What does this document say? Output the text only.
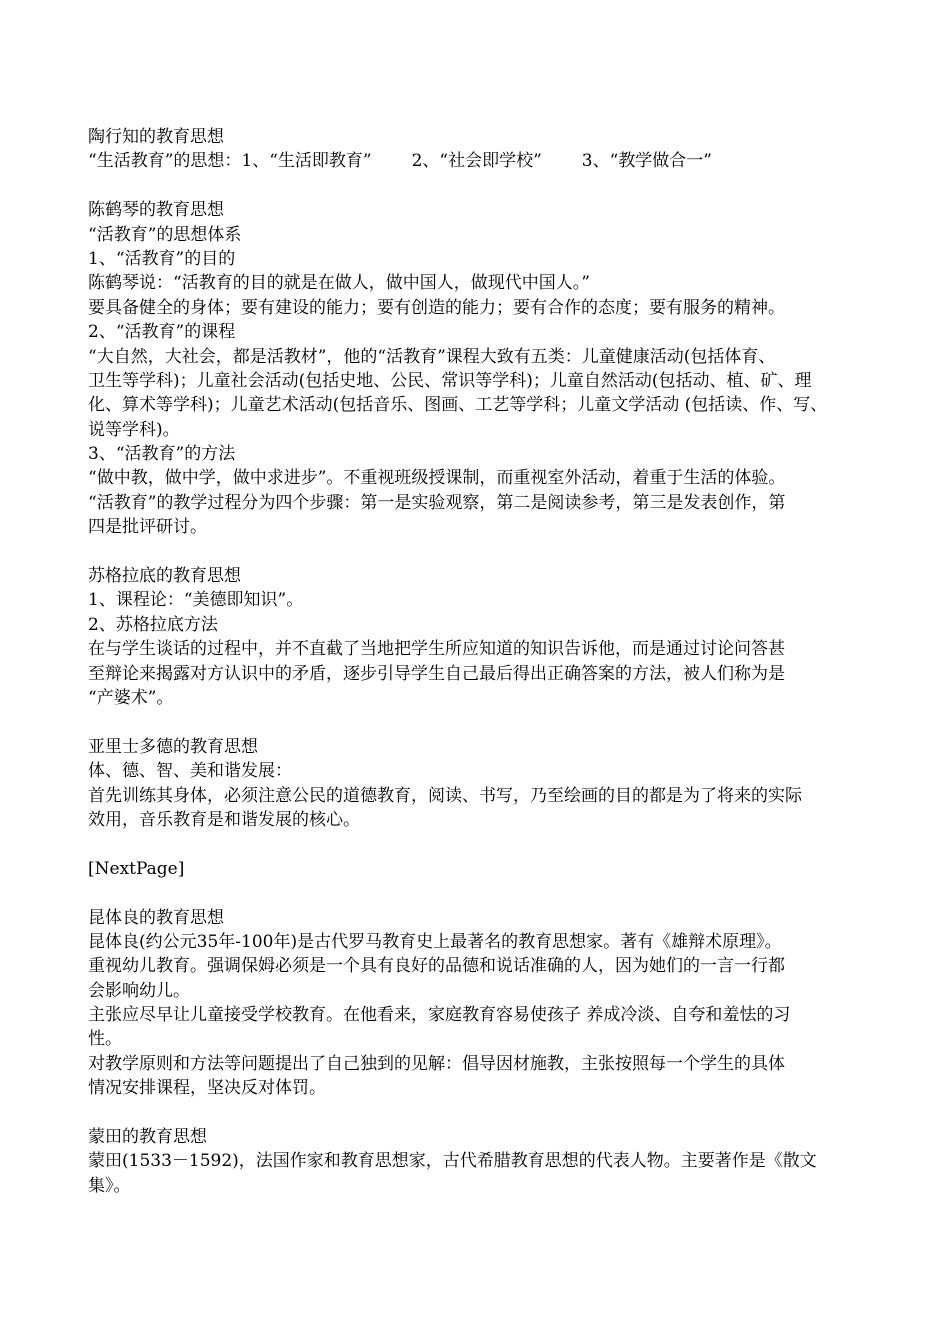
陶行知的教育思想
“生活教育”的思想：1、“生活即教育” 2、“社会即学校” 3、“教学做合一”
陈鹤琴的教育思想
“活教育”的思想体系
1、“活教育”的目的
陈鹤琴说：“活教育的目的就是在做人，做中国人，做现代中国人。”
要具备健全的身体；要有建设的能力；要有创造的能力；要有合作的态度；要有服务的精神。
2、“活教育”的课程
“大自然，大社会，都是活教材”，他的“活教育”课程大致有五类：儿童健康活动(包括体育、
卫生等学科)；儿童社会活动(包括史地、公民、常识等学科)；儿童自然活动(包括动、植、矿、理
化、算术等学科)；儿童艺术活动(包括音乐、图画、工艺等学科；儿童文学活动 (包括读、作、写、
说等学科)。
3、“活教育”的方法
“做中教，做中学，做中求进步”。不重视班级授课制，而重视室外活动，着重于生活的体验。
“活教育”的教学过程分为四个步骤：第一是实验观察，第二是阅读参考，第三是发表创作，第
四是批评研讨。
苏格拉底的教育思想
1、课程论：“美德即知识”。
2、苏格拉底方法
在与学生谈话的过程中，并不直截了当地把学生所应知道的知识告诉他，而是通过讨论问答甚
至辩论来揭露对方认识中的矛盾，逐步引导学生自己最后得出正确答案的方法，被人们称为是
“产婆术”。
亚里士多德的教育思想
体、德、智、美和谐发展：
首先训练其身体，必须注意公民的道德教育，阅读、书写，乃至绘画的目的都是为了将来的实际
效用，音乐教育是和谐发展的核心。
[NextPage]
昆体良的教育思想
昆体良(约公元35年-100年)是古代罗马教育史上最著名的教育思想家。著有《雄辩术原理》。
重视幼儿教育。强调保姆必须是一个具有良好的品德和说话准确的人，因为她们的一言一行都
会影响幼儿。
主张应尽早让儿童接受学校教育。在他看来，家庭教育容易使孩子 养成冷淡、自夸和羞怯的习
性。
对教学原则和方法等问题提出了自己独到的见解：倡导因材施教，主张按照每一个学生的具体
情况安排课程，坚决反对体罚。
蒙田的教育思想
蒙田(1533－1592)，法国作家和教育思想家，古代希腊教育思想的代表人物。主要著作是《散文
集》。
